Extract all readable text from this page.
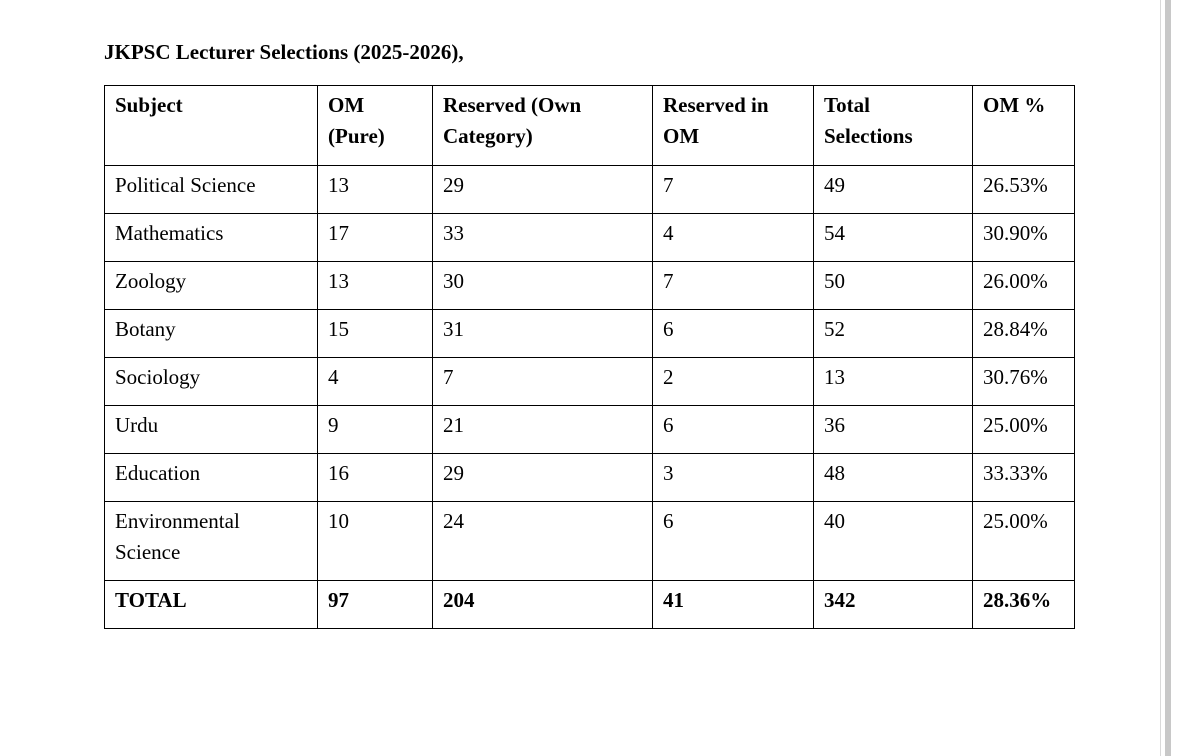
JKPSC Lecturer Selections (2025-2026),
Subject	OM (Pure)	Reserved (Own Category)	Reserved in OM	Total Selections	OM %
Political Science	13	29	7	49	26.53%
Mathematics	17	33	4	54	30.90%
Zoology	13	30	7	50	26.00%
Botany	15	31	6	52	28.84%
Sociology	4	7	2	13	30.76%
Urdu	9	21	6	36	25.00%
Education	16	29	3	48	33.33%
Environmental Science	10	24	6	40	25.00%
TOTAL	97	204	41	342	28.36%
